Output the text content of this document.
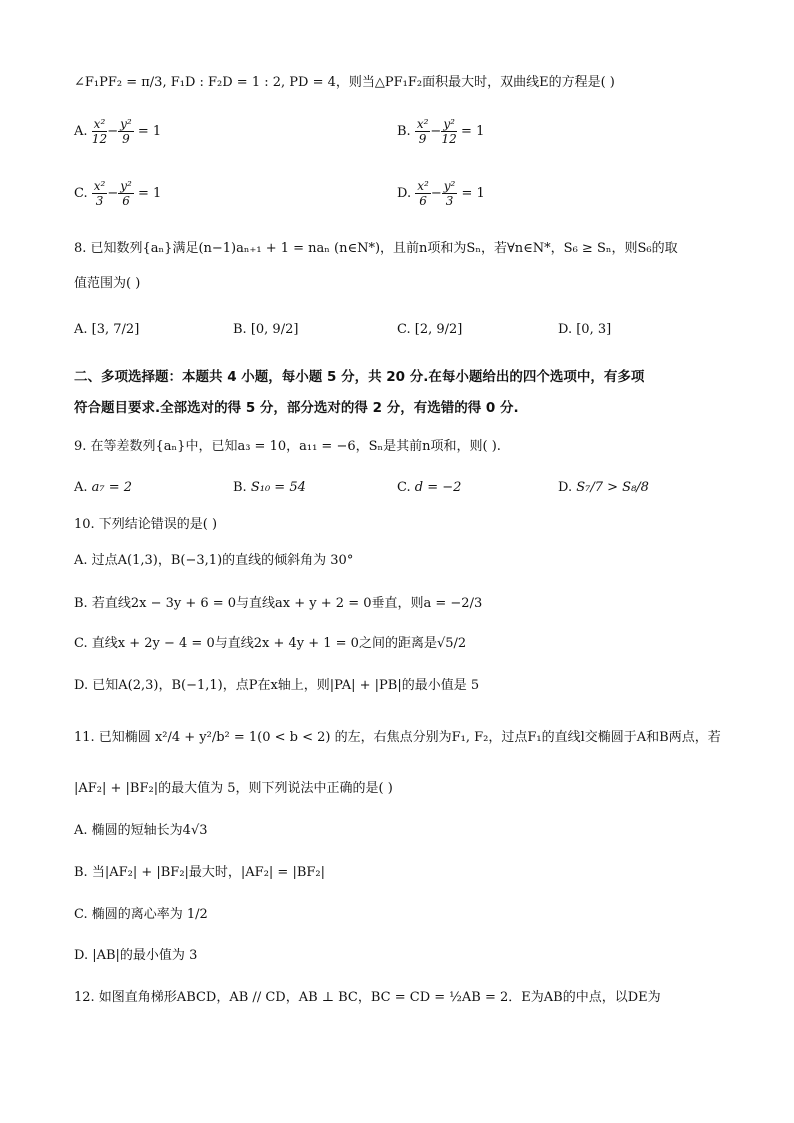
∠F₁PF₂ = π/3, F₁D : F₂D = 1 : 2, PD = 4，则当△PF₁F₂面积最大时，双曲线E的方程是( )
A. $\frac{\text{x²}}{12} - \frac{\text{y²}}{9} = 1$	B. $\frac{\text{x²}}{9} - \frac{\text{y²}}{12} = 1$
C. $\frac{\text{x²}}{3} - \frac{\text{y²}}{6} = 1$	D. $\frac{\text{x²}}{6} - \frac{\text{y²}}{3} = 1$
8. 已知数列{aₙ}满足(n−1)aₙ₊₁ + 1 = naₙ (n∈N*)，且前n项和为Sₙ，若∀n∈N*，S₆ ≥ Sₙ，则S₆的取
值范围为( )
A. [3, 7/2]	B. [0, 9/2]	C. [2, 9/2]	D. [0, 3]
二、多项选择题：本题共 4 小题，每小题 5 分，共 20 分.在每小题给出的四个选项中，有多项
符合题目要求.全部选对的得 5 分，部分选对的得 2 分，有选错的得 0 分.
9. 在等差数列{aₙ}中，已知a₃ = 10，a₁₁ = −6，Sₙ是其前n项和，则( ).
A. a₇ = 2	B. S₁₀ = 54	C. d = −2	D. S₇/7 > S₈/8
10. 下列结论错误的是( )
A. 过点A(1,3)，B(−3,1)的直线的倾斜角为 30°
B. 若直线2x − 3y + 6 = 0与直线ax + y + 2 = 0垂直，则a = −2/3
C. 直线x + 2y − 4 = 0与直线2x + 4y + 1 = 0之间的距离是√5/2
D. 已知A(2,3)，B(−1,1)，点P在x轴上，则|PA| + |PB|的最小值是 5
11. 已知椭圆 x²/4 + y²/b² = 1(0 < b < 2) 的左，右焦点分别为F₁, F₂，过点F₁的直线l交椭圆于A和B两点，若
|AF₂| + |BF₂|的最大值为 5，则下列说法中正确的是( )
A. 椭圆的短轴长为4√3
B. 当|AF₂| + |BF₂|最大时，|AF₂| = |BF₂|
C. 椭圆的离心率为 1/2
D. |AB|的最小值为 3
12. 如图直角梯形ABCD，AB // CD，AB ⊥ BC，BC = CD = ½AB = 2．E为AB的中点，以DE为
